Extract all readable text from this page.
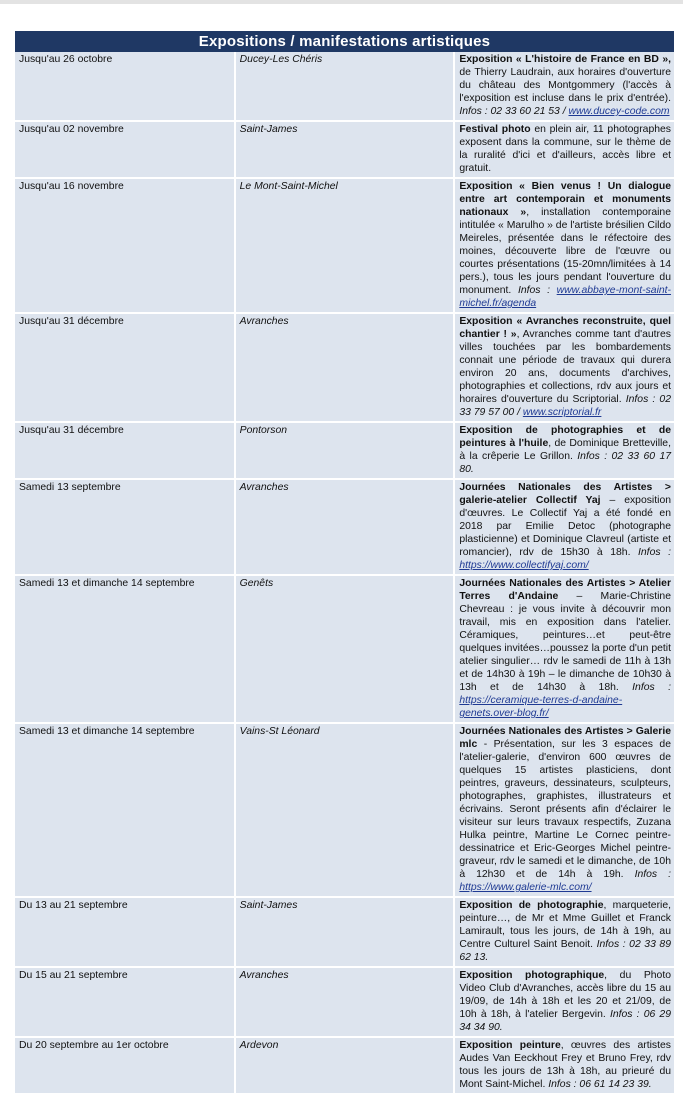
Expositions / manifestations artistiques		
Jusqu'au 26 octobre	Ducey-Les Chéris	Exposition « L'histoire de France en BD », de Thierry Laudrain, aux horaires d'ouverture du château des Montgommery (l'accès à l'exposition est incluse dans le prix d'entrée). Infos : 02 33 60 21 53 / www.ducey-code.com
Jusqu'au 02 novembre	Saint-James	Festival photo en plein air, 11 photographes exposent dans la commune, sur le thème de la ruralité d'ici et d'ailleurs, accès libre et gratuit.
Jusqu'au 16 novembre	Le Mont-Saint-Michel	Exposition « Bien venus ! Un dialogue entre art contemporain et monuments nationaux », installation contemporaine intitulée « Marulho » de l'artiste brésilien Cildo Meireles, présentée dans le réfectoire des moines, découverte libre de l'œuvre ou courtes présentations (15-20mn/limitées à 14 pers.), tous les jours pendant l'ouverture du monument. Infos : www.abbaye-mont-saint-michel.fr/agenda
Jusqu'au 31 décembre	Avranches	Exposition « Avranches reconstruite, quel chantier ! », Avranches comme tant d'autres villes touchées par les bombardements connait une période de travaux qui durera environ 20 ans, documents d'archives, photographies et collections, rdv aux jours et horaires d'ouverture du Scriptorial. Infos : 02 33 79 57 00 / www.scriptorial.fr
Jusqu'au 31 décembre	Pontorson	Exposition de photographies et de peintures à l'huile, de Dominique Bretteville, à la crêperie Le Grillon. Infos : 02 33 60 17 80.
Samedi 13 septembre	Avranches	Journées Nationales des Artistes > galerie-atelier Collectif Yaj – exposition d'œuvres. Le Collectif Yaj a été fondé en 2018 par Emilie Detoc (photographe plasticienne) et Dominique Clavreul (artiste et romancier), rdv de 15h30 à 18h. Infos : https://www.collectifyaj.com/
Samedi 13 et dimanche 14 septembre	Genêts	Journées Nationales des Artistes > Atelier Terres d'Andaine – Marie-Christine Chevreau : je vous invite à découvrir mon travail, mis en exposition dans l'atelier. Céramiques, peintures…et peut-être quelques invitées…poussez la porte d'un petit atelier singulier… rdv le samedi de 11h à 13h et de 14h30 à 19h – le dimanche de 10h30 à 13h et de 14h30 à 18h. Infos : https://ceramique-terres-d-andaine-genets.over-blog.fr/
Samedi 13 et dimanche 14 septembre	Vains-St Léonard	Journées Nationales des Artistes > Galerie mlc - Présentation, sur les 3 espaces de l'atelier-galerie, d'environ 600 œuvres de quelques 15 artistes plasticiens, dont peintres, graveurs, dessinateurs, sculpteurs, photographes, graphistes, illustrateurs et écrivains. Seront présents afin d'éclairer le visiteur sur leurs travaux respectifs, Zuzana Hulka peintre, Martine Le Cornec peintre-dessinatrice et Eric-Georges Michel peintre-graveur, rdv le samedi et le dimanche, de 10h à 12h30 et de 14h à 19h. Infos : https://www.galerie-mlc.com/
Du 13 au 21 septembre	Saint-James	Exposition de photographie, marqueterie, peinture…, de Mr et Mme Guillet et Franck Lamirault, tous les jours, de 14h à 19h, au Centre Culturel Saint Benoit. Infos : 02 33 89 62 13.
Du 15 au 21 septembre	Avranches	Exposition photographique, du Photo Video Club d'Avranches, accès libre du 15 au 19/09, de 14h à 18h et les 20 et 21/09, de 10h à 18h, à l'atelier Bergevin. Infos : 06 29 34 34 90.
Du 20 septembre au 1er octobre	Ardevon	Exposition peinture, œuvres des artistes Audes Van Eeckhout Frey et Bruno Frey, rdv tous les jours de 13h à 18h, au prieuré du Mont Saint-Michel. Infos : 06 61 14 23 39.
